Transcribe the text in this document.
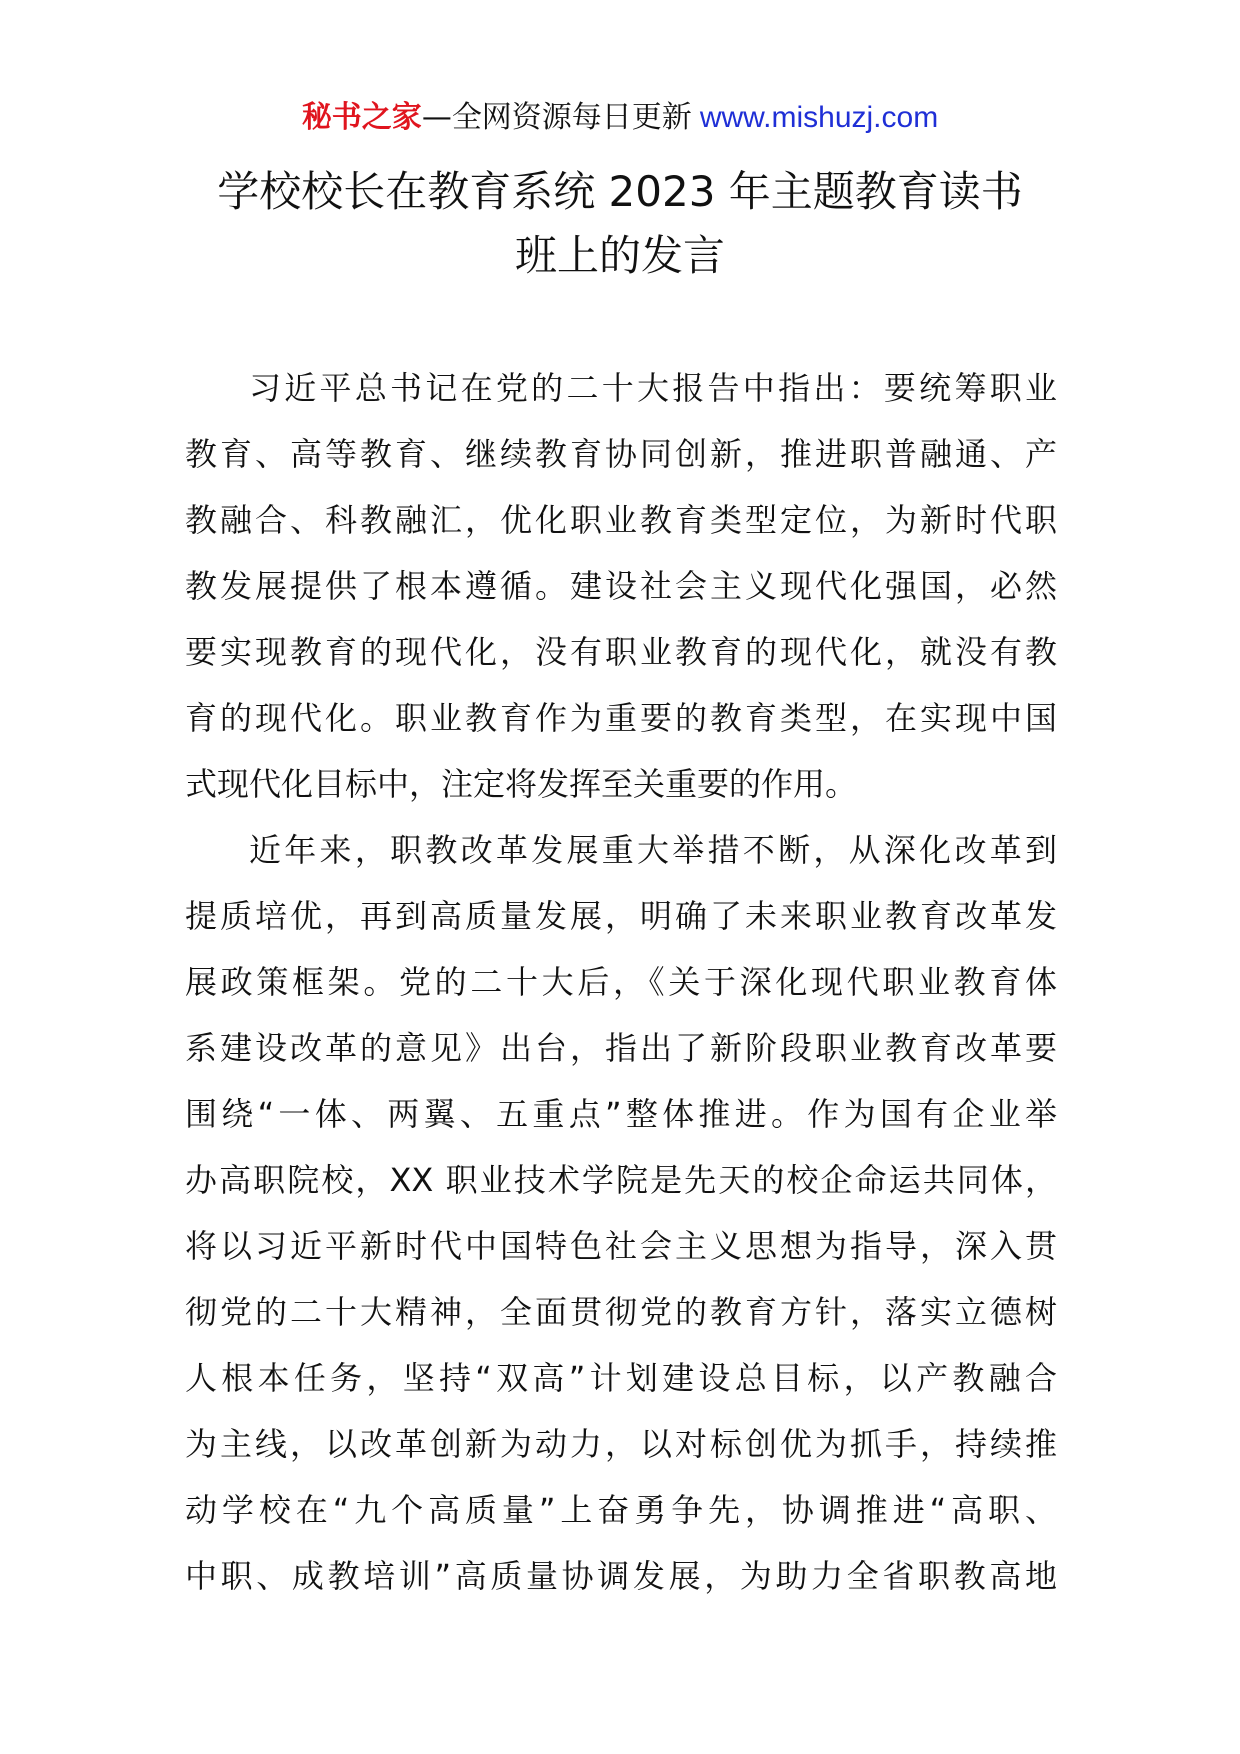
秘书之家—全网资源每日更新 www.mishuzj.com
学校校长在教育系统 2023 年主题教育读书
班上的发言

习近平总书记在党的二十大报告中指出：要统筹职业
教育、高等教育、继续教育协同创新，推进职普融通、产
教融合、科教融汇，优化职业教育类型定位，为新时代职
教发展提供了根本遵循。建设社会主义现代化强国，必然
要实现教育的现代化，没有职业教育的现代化，就没有教
育的现代化。职业教育作为重要的教育类型，在实现中国
式现代化目标中，注定将发挥至关重要的作用。

近年来，职教改革发展重大举措不断，从深化改革到
提质培优，再到高质量发展，明确了未来职业教育改革发
展政策框架。党的二十大后，《关于深化现代职业教育体
系建设改革的意见》出台，指出了新阶段职业教育改革要
围绕“一体、两翼、五重点”整体推进。作为国有企业举
办高职院校，XX 职业技术学院是先天的校企命运共同体，
将以习近平新时代中国特色社会主义思想为指导，深入贯
彻党的二十大精神，全面贯彻党的教育方针，落实立德树
人根本任务，坚持“双高”计划建设总目标，以产教融合
为主线，以改革创新为动力，以对标创优为抓手，持续推
动学校在“九个高质量”上奋勇争先，协调推进“高职、
中职、成教培训”高质量协调发展，为助力全省职教高地
